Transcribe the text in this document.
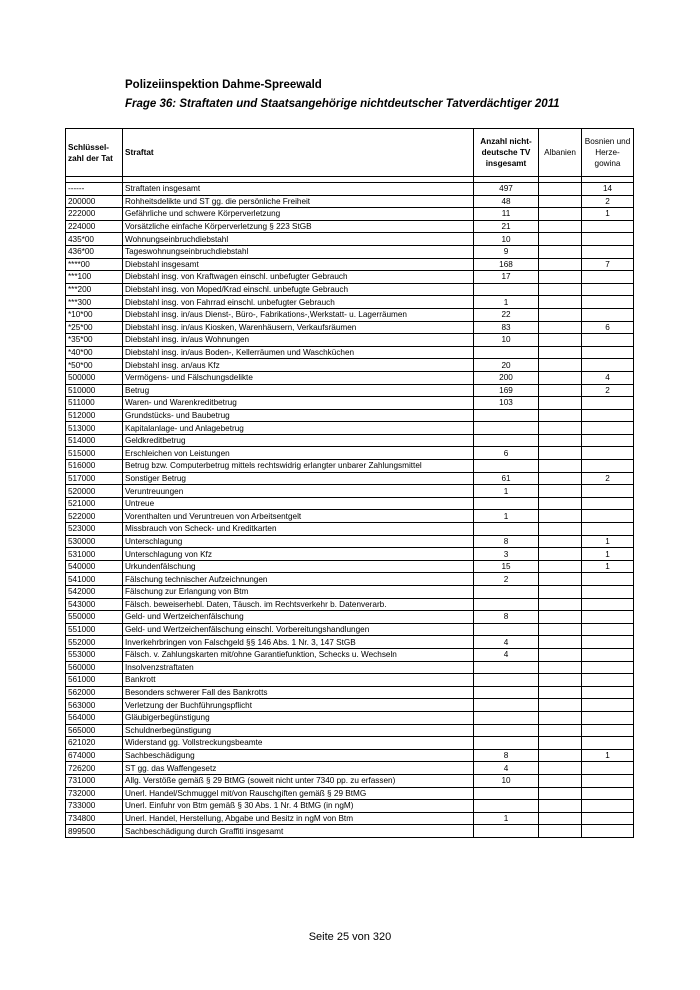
Polizeiinspektion Dahme-Spreewald
Frage 36: Straftaten und Staatsangehörige nichtdeutscher Tatverdächtiger 2011
Schlüssel-zahl der Tat	Straftat	Anzahl nicht-deutsche TV insgesamt	Albanien	Bosnien und Herze-gowina

------	Straftaten insgesamt	497		14
200000	Rohheitsdelikte und ST gg. die persönliche Freiheit	48		2
222000	Gefährliche und schwere Körperverletzung	11		1
224000	Vorsätzliche einfache Körperverletzung § 223 StGB	21		
435*00	Wohnungseinbruchdiebstahl	10		
436*00	Tageswohnungseinbruchdiebstahl	9		
****00	Diebstahl insgesamt	168		7
***100	Diebstahl insg. von Kraftwagen einschl. unbefugter Gebrauch	17		
***200	Diebstahl insg. von Moped/Krad einschl. unbefugte Gebrauch			
***300	Diebstahl insg. von Fahrrad einschl. unbefugter Gebrauch	1		
*10*00	Diebstahl insg. in/aus Dienst-, Büro-, Fabrikations-,Werkstatt- u. Lagerräumen	22		
*25*00	Diebstahl insg. in/aus Kiosken, Warenhäusern, Verkaufsräumen	83		6
*35*00	Diebstahl insg. in/aus Wohnungen	10		
*40*00	Diebstahl insg. in/aus Boden-, Kellerräumen und Waschküchen			
*50*00	Diebstahl insg. an/aus Kfz	20		
500000	Vermögens- und Fälschungsdelikte	200		4
510000	Betrug	169		2
511000	Waren- und Warenkreditbetrug	103		
512000	Grundstücks- und Baubetrug			
513000	Kapitalanlage- und Anlagebetrug			
514000	Geldkreditbetrug			
515000	Erschleichen von Leistungen	6		
516000	Betrug bzw. Computerbetrug mittels rechtswidrig erlangter unbarer Zahlungsmittel			
517000	Sonstiger Betrug	61		2
520000	Veruntreuungen	1		
521000	Untreue			
522000	Vorenthalten und Veruntreuen von Arbeitsentgelt	1		
523000	Missbrauch von Scheck- und Kreditkarten			
530000	Unterschlagung	8		1
531000	Unterschlagung von Kfz	3		1
540000	Urkundenfälschung	15		1
541000	Fälschung technischer Aufzeichnungen	2		
542000	Fälschung zur Erlangung von Btm			
543000	Fälsch. beweiserhebl. Daten, Täusch. im Rechtsverkehr b. Datenverarb.			
550000	Geld- und Wertzeichenfälschung	8		
551000	Geld- und Wertzeichenfälschung einschl. Vorbereitungshandlungen			
552000	Inverkehrbringen von Falschgeld §§ 146 Abs. 1 Nr. 3, 147 StGB	4		
553000	Fälsch. v. Zahlungskarten mit/ohne Garantiefunktion, Schecks u. Wechseln	4		
560000	Insolvenzstraftaten			
561000	Bankrott			
562000	Besonders schwerer Fall des Bankrotts			
563000	Verletzung der Buchführungspflicht			
564000	Gläubigerbegünstigung			
565000	Schuldnerbegünstigung			
621020	Widerstand gg. Vollstreckungsbeamte			
674000	Sachbeschädigung	8		1
726200	ST gg. das Waffengesetz	4		
731000	Allg. Verstöße gemäß § 29 BtMG (soweit nicht unter 7340 pp. zu erfassen)	10		
732000	Unerl. Handel/Schmuggel mit/von Rauschgiften gemäß § 29 BtMG			
733000	Unerl. Einfuhr von Btm gemäß § 30 Abs. 1 Nr. 4 BtMG (in ngM)			
734800	Unerl. Handel, Herstellung, Abgabe und Besitz in ngM von Btm	1		
899500	Sachbeschädigung durch Graffiti insgesamt			
Seite 25 von 320
